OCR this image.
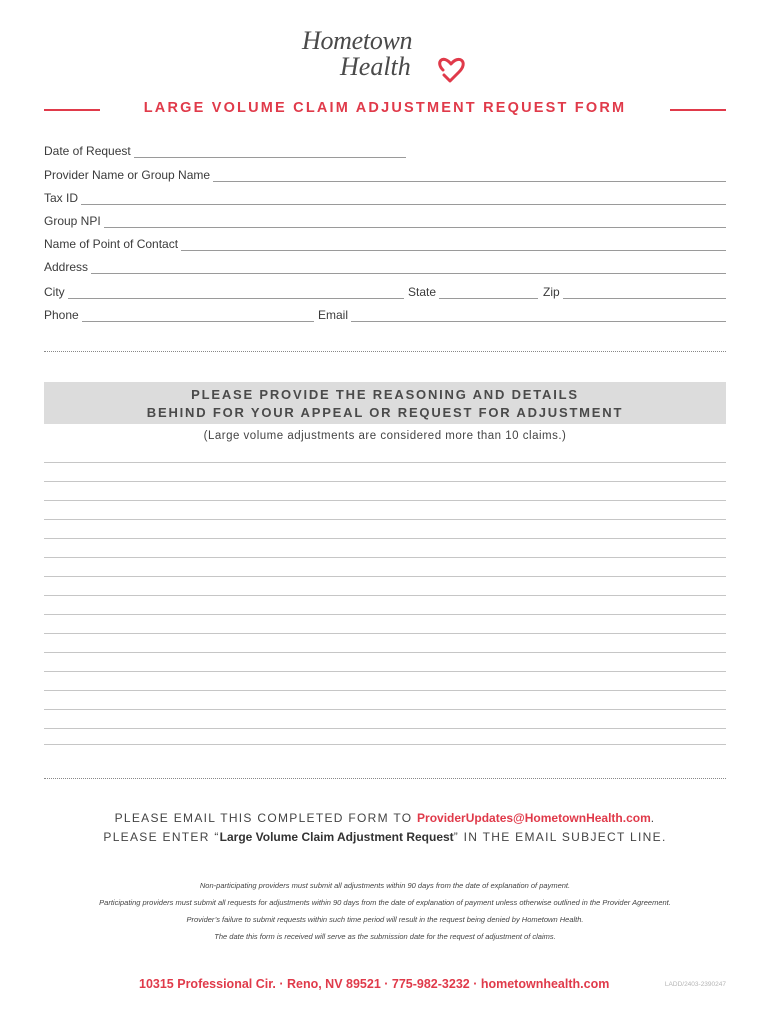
Hometown
Health
LARGE VOLUME CLAIM ADJUSTMENT REQUEST FORM
Date of Request
Provider Name or Group Name
Tax ID
Group NPI
Name of Point of Contact
Address
City	State	Zip
Phone	Email
PLEASE PROVIDE THE REASONING AND DETAILS
BEHIND FOR YOUR APPEAL OR REQUEST FOR ADJUSTMENT
(Large volume adjustments are considered more than 10 claims.)
PLEASE EMAIL THIS COMPLETED FORM TO ProviderUpdates@HometownHealth.com.
PLEASE ENTER “Large Volume Claim Adjustment Request” IN THE EMAIL SUBJECT LINE.
Non-participating providers must submit all adjustments within 90 days from the date of explanation of payment.
Participating providers must submit all requests for adjustments within 90 days from the date of explanation of payment unless otherwise outlined in the Provider Agreement.
Provider’s failure to submit requests within such time period will result in the request being denied by Hometown Health.
The date this form is received will serve as the submission date for the request of adjustment of claims.
10315 Professional Cir. · Reno, NV 89521 · 775-982-3232 · hometownhealth.com	LADD/2403-2390247
